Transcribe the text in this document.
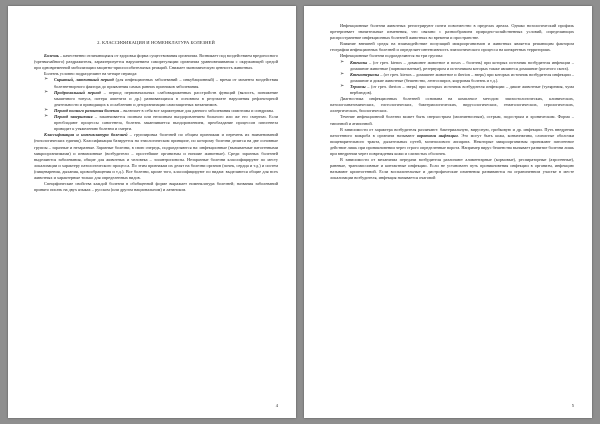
2. КЛАССИФИКАЦИЯ И НОМЕНКЛАТУРА БОЛЕЗНЕЙ

Болезнь – качественно отличающаяся от здоровья форма существования организма. Возникает под воздействием вредоносного (чрезвычайного) раздражителя, характеризуется нарушением саморегуляции организма уравновешивания с окружающей средой при одновременной мобилизации защитно-приспособительных реакций. Снижает экономическую ценность животных.

Болезнь условно подразделяют на четыре периода:

➢ Скрытый, латентный период (для инфекционных заболеваний – инкубационный) – время от момента воздействия болезнетворного фактора до проявления самых ранних признаков заболевания.

➢ Продромальный период – период первоначальных слабовыраженных расстройств функций (вялость, понижение мышечного тонуса, потеря аппетита и др.) развивающихся в основном в результате нарушения рефлекторной деятельности и приводящих к ослаблению и дезорганизации самозащитных механизмов.

➢ Период полного развития болезни – включает в себя все характерные для данного заболевания симптомы и синдромы.

➢ Период завершения – заканчивается полным или неполным выздоровлением больного или же его смертью. Если преобладают процессы саногенеза, болезнь заканчивается выздоровлением, преобладание процессов патогенеза приводит к утяжелению болезни и смерти.

Классификация и номенклатура болезней – группировка болезней по общим признакам и перечень их наименований (нозологических единиц). Классификация базируется на этиологическом принципе, по которому болезни делятся на две основные группы – заразные и незаразные. Заразные болезни, в свою очередь, подразделяются на: инфекционные (вызываемые патогенными микроорганизмами) и инвазионные (возбудители – простейшие организмы и низшие животные). Среди заразных болезней выделяются заболевания, общие для животных и человека – зооантропонозы. Незаразные болезни классифицируют по месту локализации и характеру патологического процесса. По этим признакам их делят на болезни органов (почек, сердца и т.д.) и систем (пищеварения, дыхания, кровообращения и т.д.). Все болезни, кроме того, классифицируют по видам: выделяются общие для всех животных и характерные только для определенных видов.

Специфические свойства каждой болезни в обобщенной форме выражает номенклатура болезней; названия заболеваний принято писать на двух языках – русском (или другом национальном) и латинском.

4

Инфекционные болезни животных регистрируют почти повсеместно в пределах ареала. Однако нозологический профиль претерпевает значительные изменения, что связано с разнообразием природно-хозяйственных условий, определяющих распространение инфекционных болезней животных во времени и пространстве.

Влияние внешней среды на взаимодействие популяций микроорганизмов и животных является решающим фактором географии инфекционных болезней и определяет интенсивность эпизоотического процесса на конкретных территориях.

Инфекционные болезни подразделяются на три группы:

➢ Ктенозы – (от греч. ktenos – домашнее животное и nosos – болезнь) при которых источник возбудителя инфекции – домашние животные (парнокопытные), резервуаром и источником которых также являются домашние (рогатого скота).

➢ Ктенотериозы – (от греч. ktenos – домашнее животное и therion – зверь) при которых источник возбудителя инфекции – домашние и дикие животные (бешенство, лептоспироз, ящуровая болезнь и т.д.).

➢ Териозы – (от греч. therion – зверь) при которых источник возбудителя инфекции – дикие животные (туляремия, чума верблюдов).

Диагностика инфекционных болезней основана на комплексе методов: эпизоотологических, клинических, патологоанатомических, гистологических, бактериологических, вирусологических, гематологических, серологических, аллергических, биологических.

Течение инфекционной болезни может быть сверхострым (молниеносным), острым, подострым и хроническим. Форма – типичной и атипичной.

В зависимости от характера возбудителя различают: бактериальную, вирусную, грибковую и др. инфекции. Путь внедрения патогенного микроба в организм называют воротами инфекции. Это могут быть кожа, конъюнктива, слизистые оболочки пищеварительного тракта, дыхательных путей, мочеполового аппарата. Некоторые микроорганизмы проникают патогенное действие лишь при проникновении через строго определенные ворота. Например вирус бешенства вызывает развитие болезни лишь при внедрении через повреждения кожи и слизистых оболочек.

В зависимости от механизма передачи возбудителя различают алиментарные (кормовые), респираторные (аэрогенные), раневые, трансмиссивные и контактные инфекции. Если не установлен путь проникновения инфекции в организм, инфекцию называют криптогенной. Если воспалительные и дистрофические изменения развиваются на ограниченном участке в месте локализации возбудителя, инфекция называется очаговой

5
